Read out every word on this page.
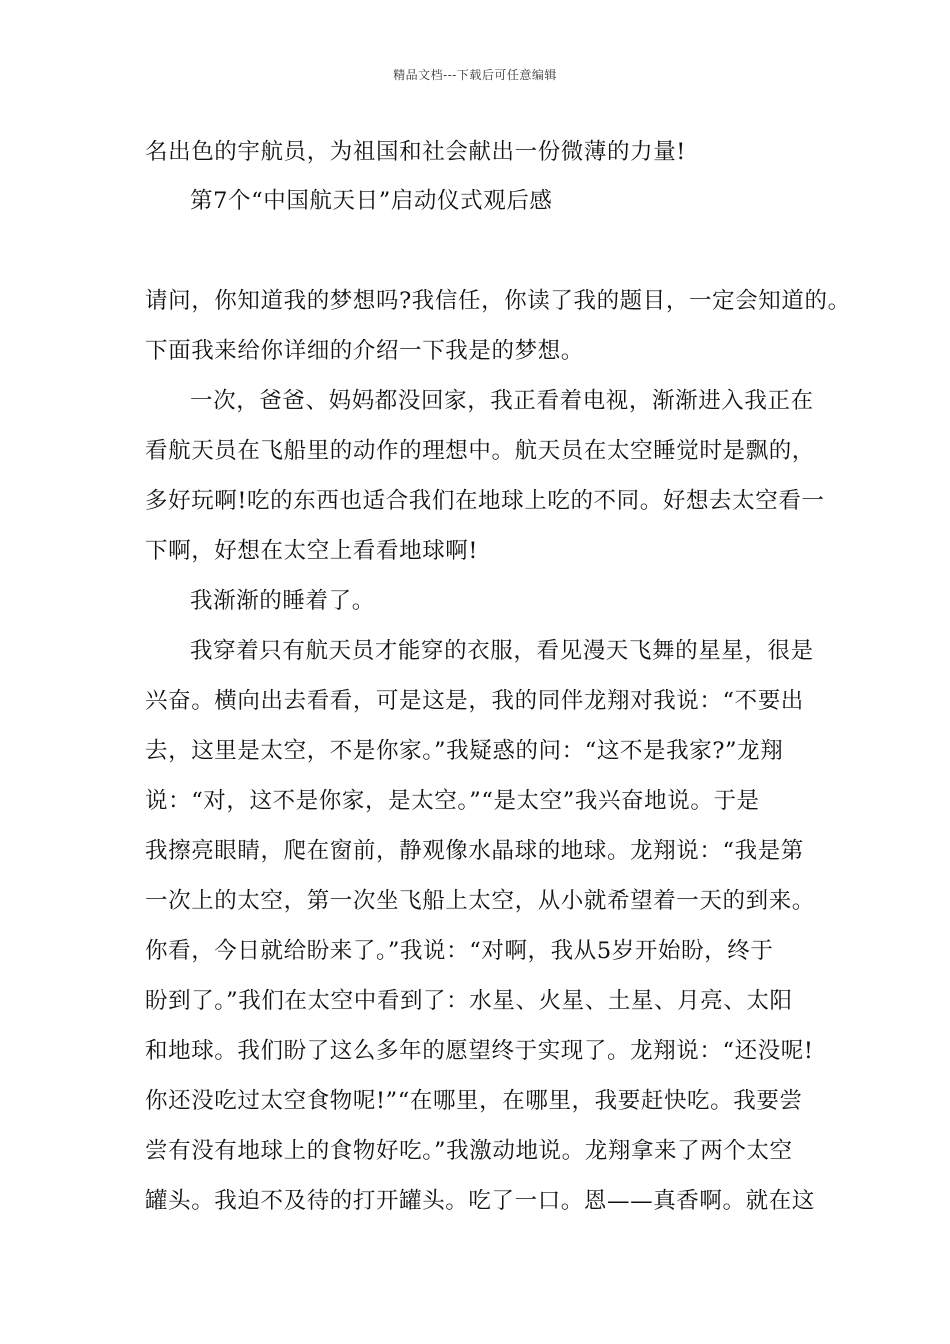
精品文档---下载后可任意编辑
名出色的宇航员，为祖国和社会献出一份微薄的力量!
第7个“中国航天日”启动仪式观后感
请问，你知道我的梦想吗?我信任，你读了我的题目，一定会知道的。
下面我来给你详细的介绍一下我是的梦想。
一次，爸爸、妈妈都没回家，我正看着电视，渐渐进入我正在
看航天员在飞船里的动作的理想中。航天员在太空睡觉时是飘的，
多好玩啊!吃的东西也适合我们在地球上吃的不同。好想去太空看一
下啊，好想在太空上看看地球啊!
我渐渐的睡着了。
我穿着只有航天员才能穿的衣服，看见漫天飞舞的星星，很是
兴奋。横向出去看看，可是这是，我的同伴龙翔对我说：“不要出
去，这里是太空，不是你家。”我疑惑的问：“这不是我家?”龙翔
说：“对，这不是你家，是太空。”“是太空”我兴奋地说。于是
我擦亮眼睛，爬在窗前，静观像水晶球的地球。龙翔说：“我是第
一次上的太空，第一次坐飞船上太空，从小就希望着一天的到来。
你看，今日就给盼来了。”我说：“对啊，我从5岁开始盼，终于
盼到了。”我们在太空中看到了：水星、火星、土星、月亮、太阳
和地球。我们盼了这么多年的愿望终于实现了。龙翔说：“还没呢!
你还没吃过太空食物呢!”“在哪里，在哪里，我要赶快吃。我要尝
尝有没有地球上的食物好吃。”我激动地说。龙翔拿来了两个太空
罐头。我迫不及待的打开罐头。吃了一口。恩——真香啊。就在这
